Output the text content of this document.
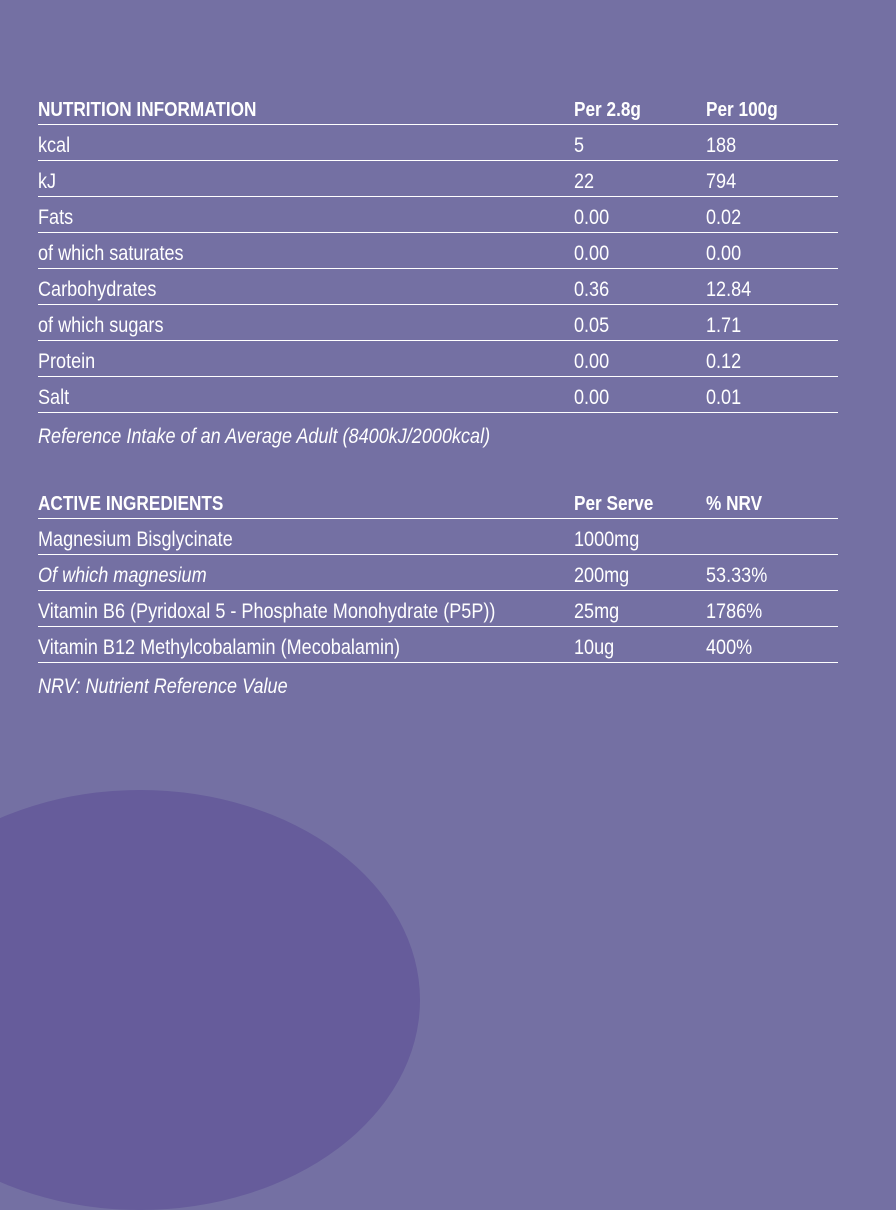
NUTRITION INFORMATION	Per 2.8g	Per 100g
kcal	5	188
kJ	22	794
Fats	0.00	0.02
of which saturates	0.00	0.00
Carbohydrates	0.36	12.84
of which sugars	0.05	1.71
Protein	0.00	0.12
Salt	0.00	0.01
Reference Intake of an Average Adult (8400kJ/2000kcal)
ACTIVE INGREDIENTS	Per Serve	% NRV
Magnesium Bisglycinate	1000mg	
Of which magnesium	200mg	53.33%
Vitamin B6 (Pyridoxal 5 - Phosphate Monohydrate (P5P))	25mg	1786%
Vitamin B12 Methylcobalamin (Mecobalamin)	10ug	400%
NRV: Nutrient Reference Value
